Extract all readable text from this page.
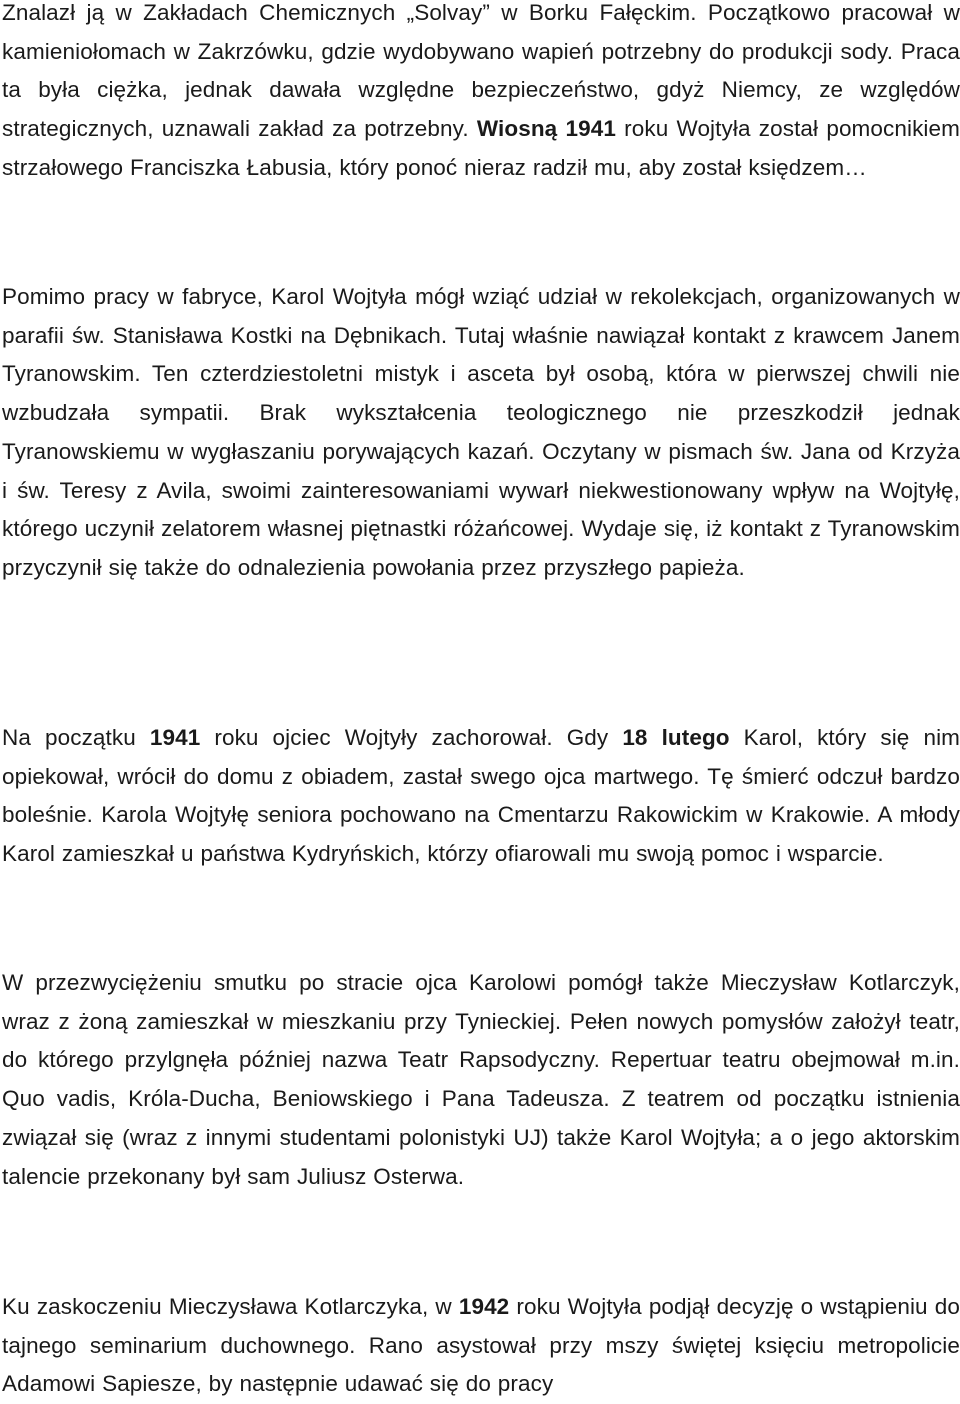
Znalazł ją w Zakładach Chemicznych „Solvay” w Borku Fałęckim. Początkowo pracował w kamieniołomach w Zakrzówku, gdzie wydobywano wapień potrzebny do produkcji sody. Praca ta była ciężka, jednak dawała względne bezpieczeństwo, gdyż Niemcy, ze względów strategicznych, uznawali zakład za potrzebny. Wiosną 1941 roku Wojtyła został pomocnikiem strzałowego Franciszka Łabusia, który ponoć nieraz radził mu, aby został księdzem…

Pomimo pracy w fabryce, Karol Wojtyła mógł wziąć udział w rekolekcjach, organizowanych w parafii św. Stanisława Kostki na Dębnikach. Tutaj właśnie nawiązał kontakt z krawcem Janem Tyranowskim. Ten czterdziestoletni mistyk i asceta był osobą, która w pierwszej chwili nie wzbudzała sympatii. Brak wykształcenia teologicznego nie przeszkodził jednak Tyranowskiemu w wygłaszaniu porywających kazań. Oczytany w pismach św. Jana od Krzyża i św. Teresy z Avila, swoimi zainteresowaniami wywarł niekwestionowany wpływ na Wojtyłę, którego uczynił zelatorem własnej piętnastki różańcowej. Wydaje się, iż kontakt z Tyranowskim przyczynił się także do odnalezienia powołania przez przyszłego papieża.

Na początku 1941 roku ojciec Wojtyły zachorował. Gdy 18 lutego Karol, który się nim opiekował, wrócił do domu z obiadem, zastał swego ojca martwego. Tę śmierć odczuł bardzo boleśnie. Karola Wojtyłę seniora pochowano na Cmentarzu Rakowickim w Krakowie. A młody Karol zamieszkał u państwa Kydryńskich, którzy ofiarowali mu swoją pomoc i wsparcie.

W przezwyciężeniu smutku po stracie ojca Karolowi pomógł także Mieczysław Kotlarczyk, wraz z żoną zamieszkał w mieszkaniu przy Tynieckiej. Pełen nowych pomysłów założył teatr, do którego przylgnęła później nazwa Teatr Rapsodyczny. Repertuar teatru obejmował m.in. Quo vadis, Króla-Ducha, Beniowskiego i Pana Tadeusza. Z teatrem od początku istnienia związał się (wraz z innymi studentami polonistyki UJ) także Karol Wojtyła; a o jego aktorskim talencie przekonany był sam Juliusz Osterwa.

Ku zaskoczeniu Mieczysława Kotlarczyka, w 1942 roku Wojtyła podjął decyzję o wstąpieniu do tajnego seminarium duchownego. Rano asystował przy mszy świętej księciu metropolicie Adamowi Sapiesze, by następnie udawać się do pracy
